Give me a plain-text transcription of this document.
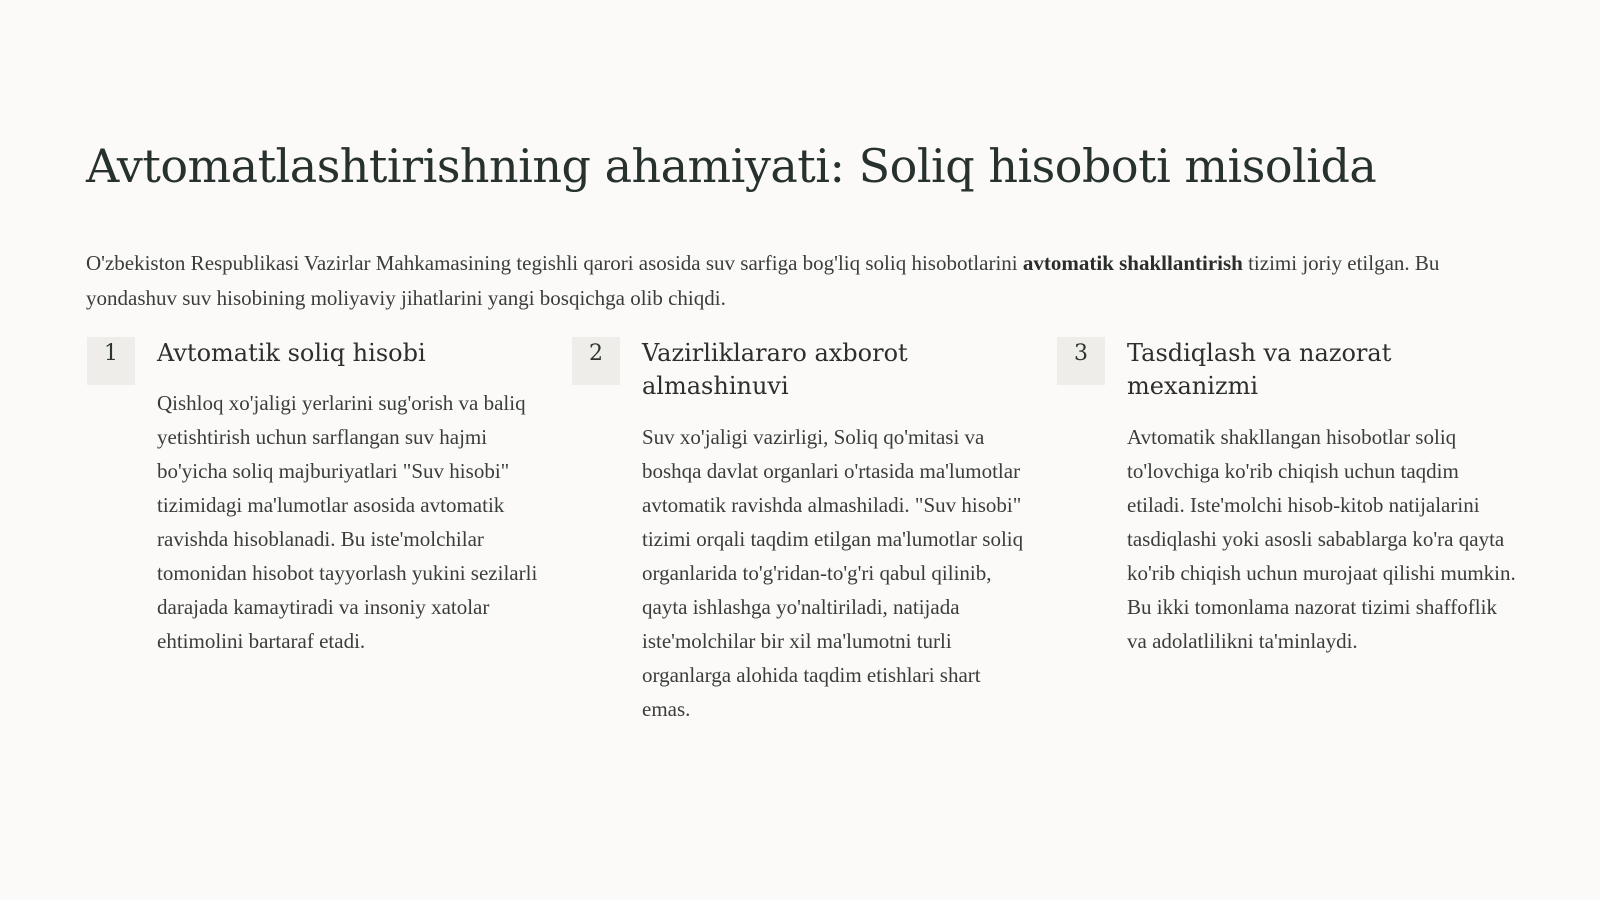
Avtomatlashtirishning ahamiyati: Soliq hisoboti misolida

O'zbekiston Respublikasi Vazirlar Mahkamasining tegishli qarori asosida suv sarfiga bog'liq soliq hisobotlarini avtomatik shakllantirish tizimi joriy etilgan. Bu yondashuv suv hisobining moliyaviy jihatlarini yangi bosqichga olib chiqdi.

1	Avtomatik soliq hisobi

Qishloq xo'jaligi yerlarini sug'orish va baliq yetishtirish uchun sarflangan suv hajmi bo'yicha soliq majburiyatlari "Suv hisobi" tizimidagi ma'lumotlar asosida avtomatik ravishda hisoblanadi. Bu iste'molchilar tomonidan hisobot tayyorlash yukini sezilarli darajada kamaytiradi va insoniy xatolar ehtimolini bartaraf etadi.

2	Vazirliklararo axborot almashinuvi

Suv xo'jaligi vazirligi, Soliq qo'mitasi va boshqa davlat organlari o'rtasida ma'lumotlar avtomatik ravishda almashiladi. "Suv hisobi" tizimi orqali taqdim etilgan ma'lumotlar soliq organlarida to'g'ridan-to'g'ri qabul qilinib, qayta ishlashga yo'naltiriladi, natijada iste'molchilar bir xil ma'lumotni turli organlarga alohida taqdim etishlari shart emas.

3	Tasdiqlash va nazorat mexanizmi

Avtomatik shakllangan hisobotlar soliq to'lovchiga ko'rib chiqish uchun taqdim etiladi. Iste'molchi hisob-kitob natijalarini tasdiqlashi yoki asosli sabablarga ko'ra qayta ko'rib chiqish uchun murojaat qilishi mumkin. Bu ikki tomonlama nazorat tizimi shaffoflik va adolatlilikni ta'minlaydi.
